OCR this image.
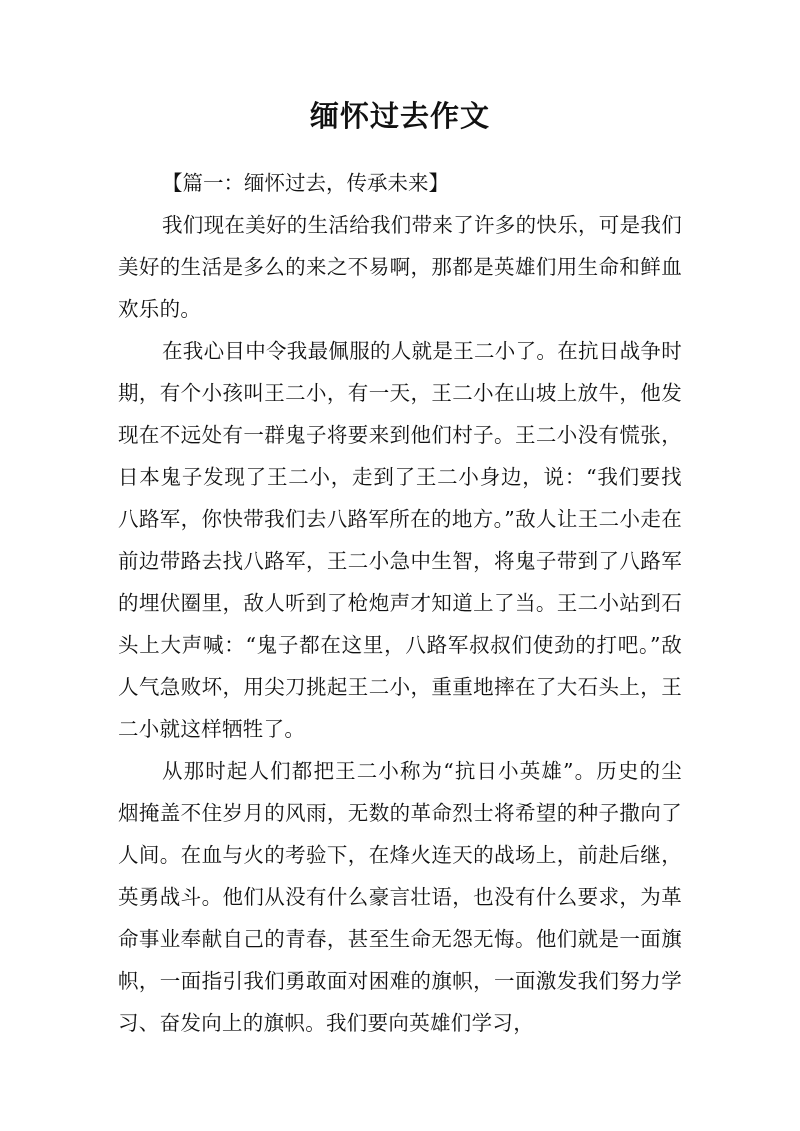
缅怀过去作文

【篇一：缅怀过去，传承未来】

我们现在美好的生活给我们带来了许多的快乐，可是我们美好的生活是多么的来之不易啊，那都是英雄们用生命和鲜血欢乐的。

在我心目中令我最佩服的人就是王二小了。在抗日战争时期，有个小孩叫王二小，有一天，王二小在山坡上放牛，他发现在不远处有一群鬼子将要来到他们村子。王二小没有慌张，日本鬼子发现了王二小，走到了王二小身边，说：“我们要找八路军，你快带我们去八路军所在的地方。”敌人让王二小走在前边带路去找八路军，王二小急中生智，将鬼子带到了八路军的埋伏圈里，敌人听到了枪炮声才知道上了当。王二小站到石头上大声喊：“鬼子都在这里，八路军叔叔们使劲的打吧。”敌人气急败坏，用尖刀挑起王二小，重重地摔在了大石头上，王二小就这样牺牲了。

从那时起人们都把王二小称为“抗日小英雄”。历史的尘烟掩盖不住岁月的风雨，无数的革命烈士将希望的种子撒向了人间。在血与火的考验下，在烽火连天的战场上，前赴后继，英勇战斗。他们从没有什么豪言壮语，也没有什么要求，为革命事业奉献自己的青春，甚至生命无怨无悔。他们就是一面旗帜，一面指引我们勇敢面对困难的旗帜，一面激发我们努力学习、奋发向上的旗帜。我们要向英雄们学习，
